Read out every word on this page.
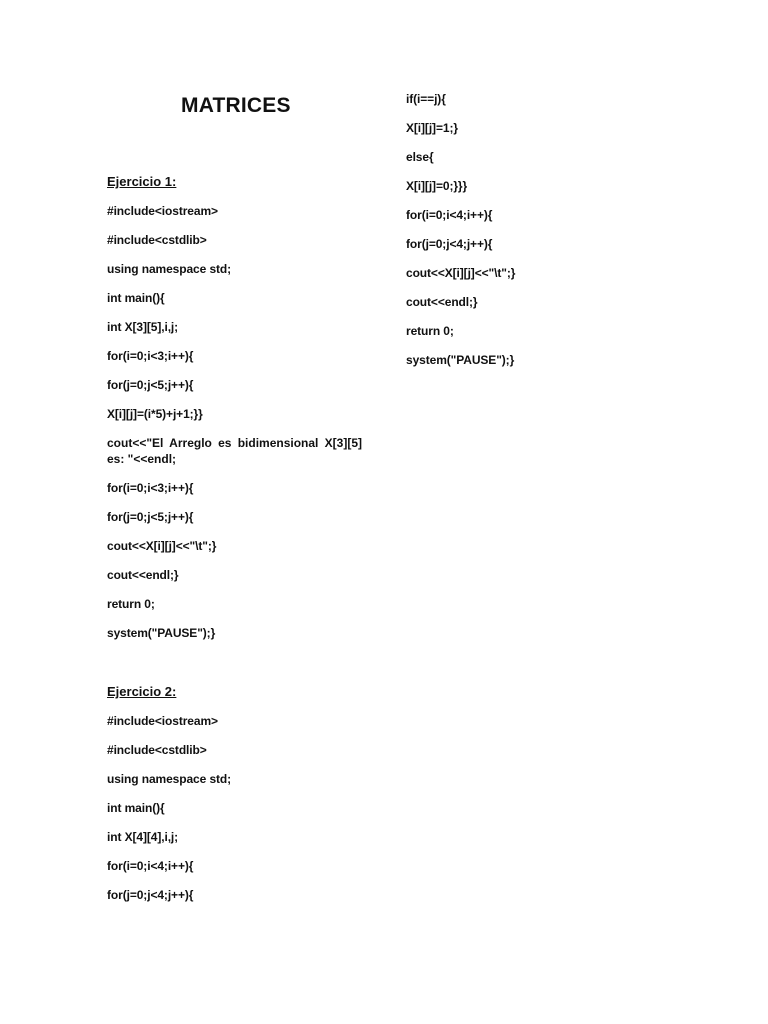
MATRICES
Ejercicio 1:
#include<iostream>
#include<cstdlib>
using namespace std;
int main(){
int X[3][5],i,j;
for(i=0;i<3;i++){
for(j=0;j<5;j++){
X[i][j]=(i*5)+j+1;}}
cout<<"El Arreglo es bidimensional X[3][5] es: "<<endl;
for(i=0;i<3;i++){
for(j=0;j<5;j++){
cout<<X[i][j]<<"\t";}
cout<<endl;}
return 0;
system("PAUSE");}
Ejercicio 2:
#include<iostream>
#include<cstdlib>
using namespace std;
int main(){
int X[4][4],i,j;
for(i=0;i<4;i++){
for(j=0;j<4;j++){
if(i==j){
X[i][j]=1;}
else{
X[i][j]=0;}}}
for(i=0;i<4;i++){
for(j=0;j<4;j++){
cout<<X[i][j]<<"\t";}
cout<<endl;}
return 0;
system("PAUSE");}
